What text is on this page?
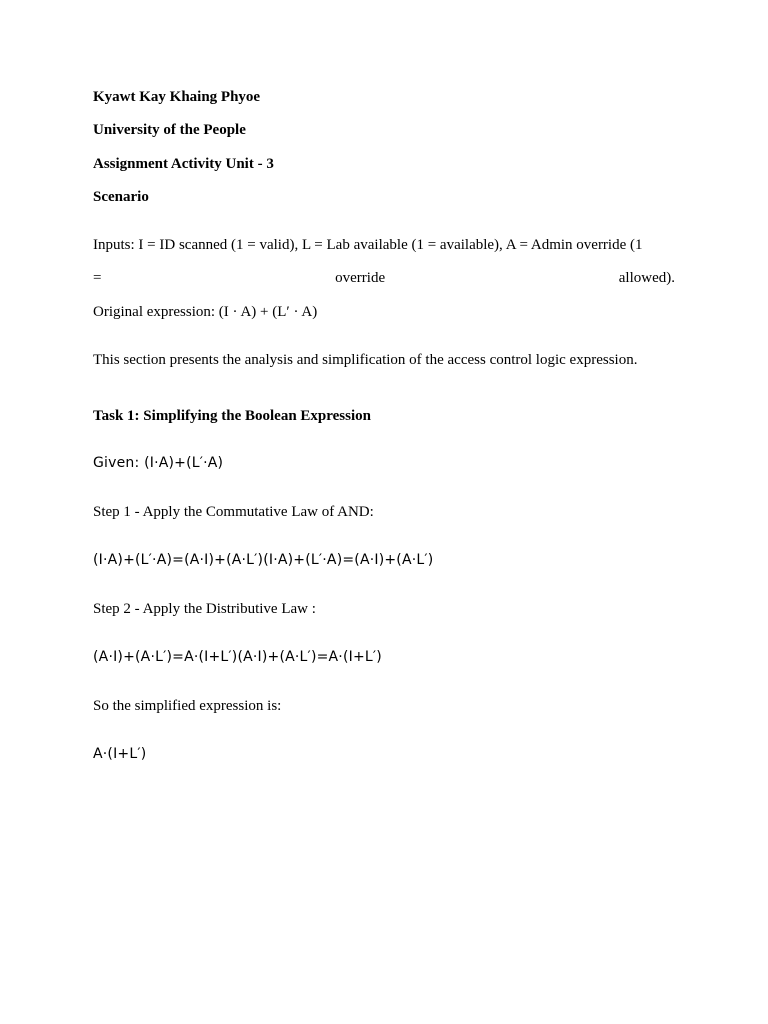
Kyawt Kay Khaing Phyoe

University of the People

Assignment Activity Unit - 3

Scenario

Inputs: I = ID scanned (1 = valid), L = Lab available (1 = available), A = Admin override (1

=	override	allowed).

Original expression: (I · A) + (L′ · A)

This section presents the analysis and simplification of the access control logic expression.

Task 1: Simplifying the Boolean Expression

Given: (I·A)+(L′·A)

Step 1 - Apply the Commutative Law of AND:

(I·A)+(L′·A)=(A·I)+(A·L′)(I·A)+(L′·A)=(A·I)+(A·L′)

Step 2 - Apply the Distributive Law :

(A·I)+(A·L′)=A·(I+L′)(A·I)+(A·L′)=A·(I+L′)

So the simplified expression is:

A·(I+L′)
